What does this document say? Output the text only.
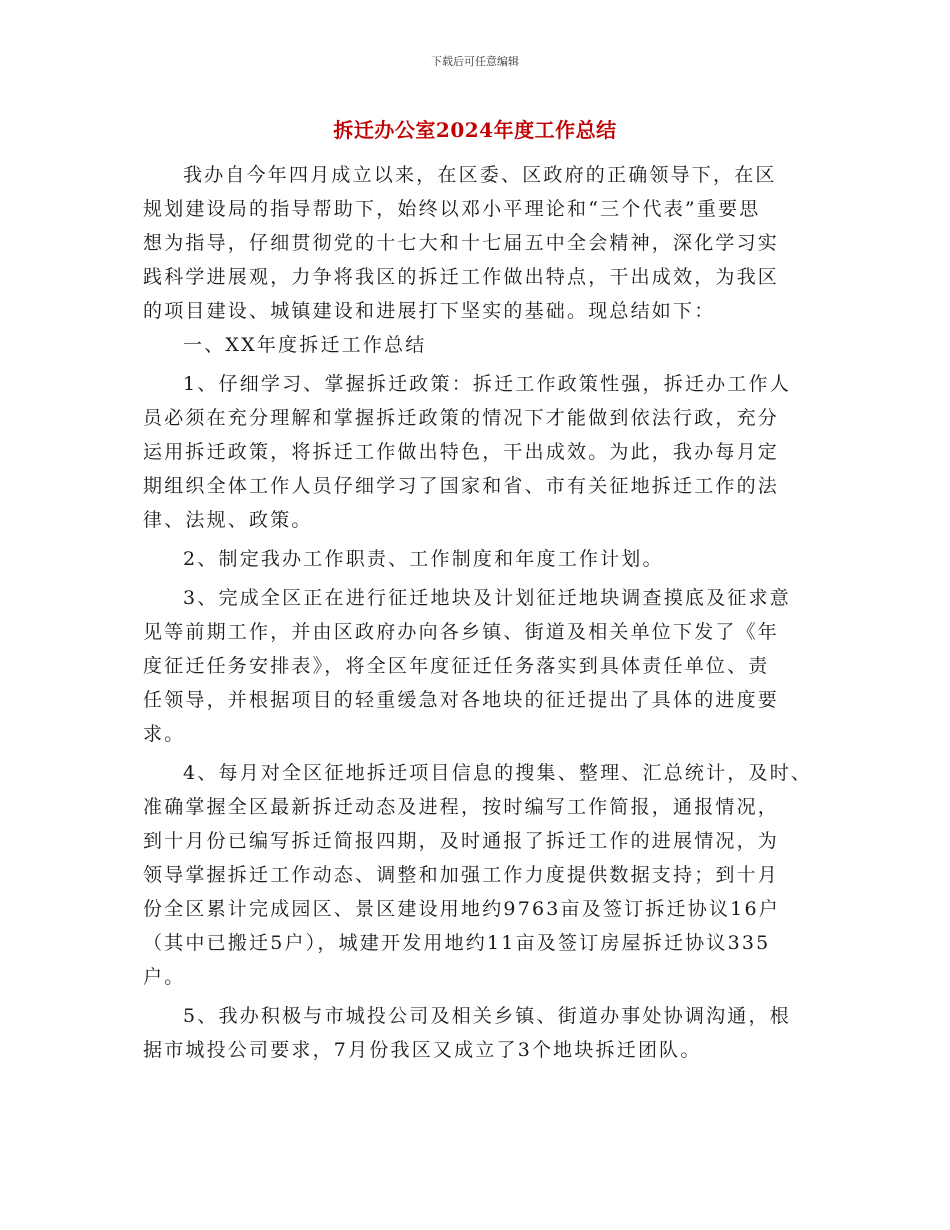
下载后可任意编辑
拆迁办公室2024年度工作总结
我办自今年四月成立以来，在区委、区政府的正确领导下，在区
规划建设局的指导帮助下，始终以邓小平理论和“三个代表”重要思
想为指导，仔细贯彻党的十七大和十七届五中全会精神，深化学习实
践科学进展观，力争将我区的拆迁工作做出特点，干出成效，为我区
的项目建设、城镇建设和进展打下坚实的基础。现总结如下：
一、XX年度拆迁工作总结
1、仔细学习、掌握拆迁政策：拆迁工作政策性强，拆迁办工作人
员必须在充分理解和掌握拆迁政策的情况下才能做到依法行政，充分
运用拆迁政策，将拆迁工作做出特色，干出成效。为此，我办每月定
期组织全体工作人员仔细学习了国家和省、市有关征地拆迁工作的法
律、法规、政策。
2、制定我办工作职责、工作制度和年度工作计划。
3、完成全区正在进行征迁地块及计划征迁地块调查摸底及征求意
见等前期工作，并由区政府办向各乡镇、街道及相关单位下发了《年
度征迁任务安排表》，将全区年度征迁任务落实到具体责任单位、责
任领导，并根据项目的轻重缓急对各地块的征迁提出了具体的进度要
求。
4、每月对全区征地拆迁项目信息的搜集、整理、汇总统计，及时、
准确掌握全区最新拆迁动态及进程，按时编写工作简报，通报情况，
到十月份已编写拆迁简报四期，及时通报了拆迁工作的进展情况，为
领导掌握拆迁工作动态、调整和加强工作力度提供数据支持；到十月
份全区累计完成园区、景区建设用地约9763亩及签订拆迁协议16户
（其中已搬迁5户），城建开发用地约11亩及签订房屋拆迁协议335
户。
5、我办积极与市城投公司及相关乡镇、街道办事处协调沟通，根
据市城投公司要求，7月份我区又成立了3个地块拆迁团队。
